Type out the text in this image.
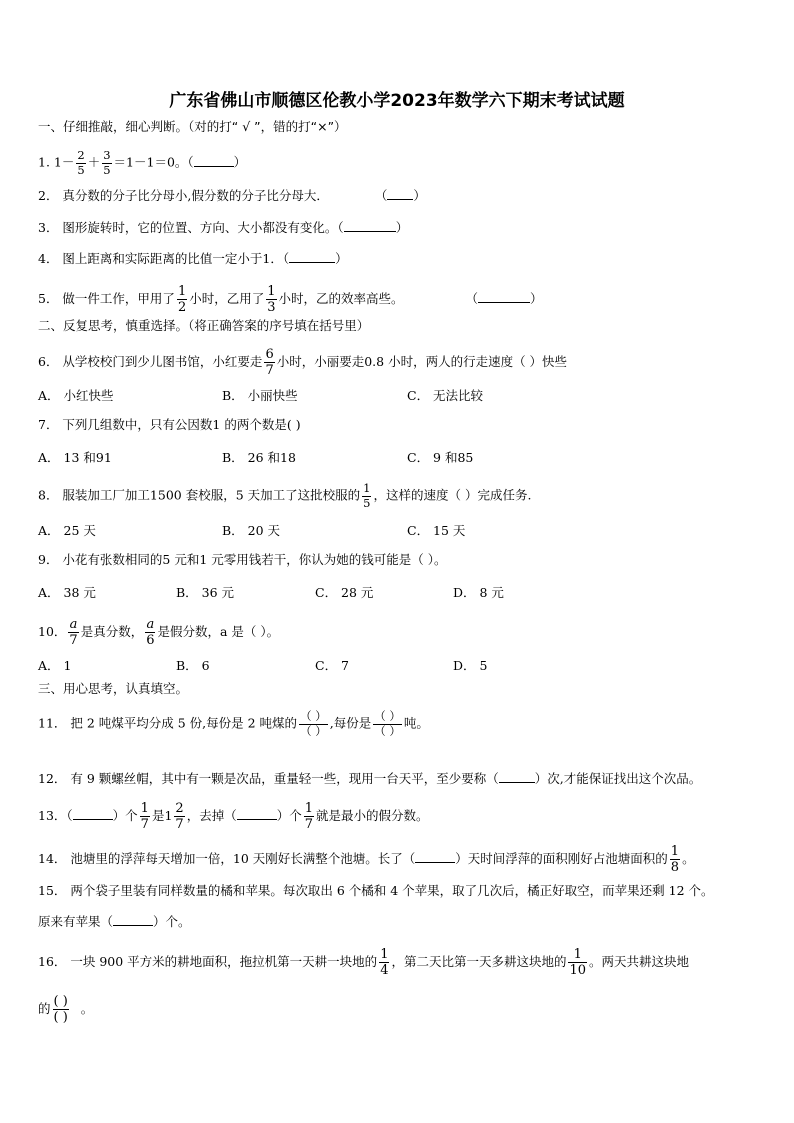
广东省佛山市顺德区伦教小学2023年数学六下期末考试试题
一、仔细推敲，细心判断。（对的打“ √ ”，错的打“×”）
1. $1- \frac{2}{5} + \frac{3}{5} =1-1=0$。（	）
2． 真分数的分子比分母小,假分数的分子比分母大．	（ ）
3． 图形旋转时，它的位置、方向、大小都没有变化。（	）
4． 图上距离和实际距离的比值一定小于1．（	）
5． 做一件工作，甲用了 $\frac{1}{2}$ 小时，乙用了 $\frac{1}{3}$ 小时，乙的效率高些。	（	）
二、反复思考，慎重选择。（将正确答案的序号填在括号里）
6． 从学校校门到少儿图书馆，小红要走 $\frac{6}{7}$ 小时，小丽要走0.8 小时，两人的行走速度（ ）快些
A． 小红快些	B． 小丽快些	C． 无法比较
7． 下列几组数中，只有公因数1 的两个数是( )
A． 13 和91	B． 26 和18	C． 9 和85
8． 服装加工厂加工1500 套校服，5 天加工了这批校服的 $\frac{1}{5}$ ，这样的速度（ ）完成任务.
A． 25 天	B． 20 天	C． 15 天
9． 小花有张数相同的5 元和1 元零用钱若干，你认为她的钱可能是（ ）。
A． 38 元	B． 36 元	C． 28 元	D． 8 元
10． $\frac{a}{7}$ 是真分数， $\frac{a}{6}$ 是假分数，a 是（ ）。
A． 1	B． 6	C． 7	D． 5
三、用心思考，认真填空。
11． 把 2 吨煤平均分成 5 份,每份是 2 吨煤的 $\frac{( )}{( )}$ ,每份是 $\frac{( )}{( )}$ 吨。
12． 有 9 颗螺丝帽，其中有一颗是次品，重量轻一些，现用一台天平，至少要称（	）次,才能保证找出这个次品。
13．（	）个 $\frac{1}{7}$ 是$1 \frac{2}{7}$ ，去掉（	）个 $\frac{1}{7}$ 就是最小的假分数。
14． 池塘里的浮萍每天增加一倍，10 天刚好长满整个池塘。长了（	）天时间浮萍的面积刚好占池塘面积的 $\frac{1}{8}$ 。
15． 两个袋子里装有同样数量的橘和苹果。每次取出 6 个橘和 4 个苹果，取了几次后，橘正好取空，而苹果还剩 12 个。
原来有苹果（	）个。
16． 一块 900 平方米的耕地面积，拖拉机第一天耕一块地的 $\frac{1}{4}$ ，第二天比第一天多耕这块地的 $\frac{1}{10}$ 。两天共耕这块地
的 $\frac{( )}{( )}$ 。
